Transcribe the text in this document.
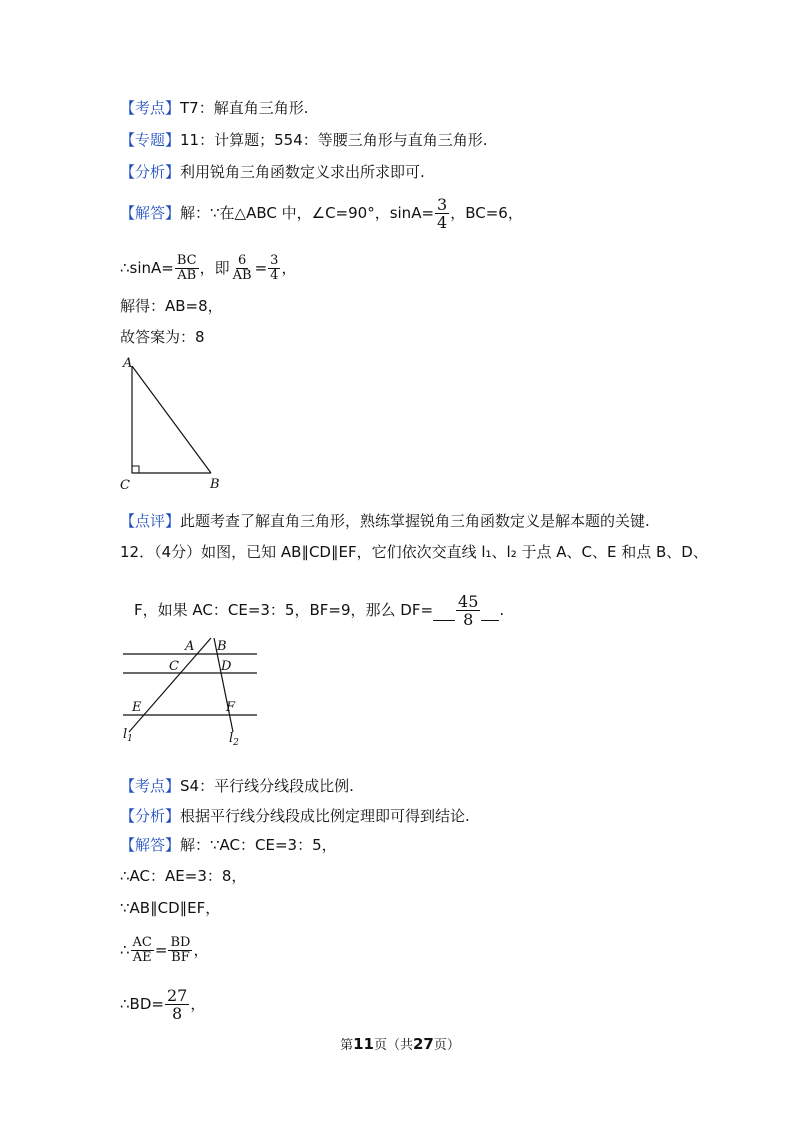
【考点】T7：解直角三角形.
【专题】11：计算题；554：等腰三角形与直角三角形.
【分析】利用锐角三角函数定义求出所求即可.
【解答】解：∵在△ABC 中，∠C=90°，$\sin A= \frac{3}{4}$ ，BC=6，
∴sinA= $\frac{BC}{AB}$ ，即 $\frac{6}{AB} = \frac{3}{4}$ ，
解得：AB=8，
故答案为：8
A
C	B
【点评】此题考查了解直角三角形，熟练掌握锐角三角函数定义是解本题的关键.
12．（4分）如图，已知 AB∥CD∥EF，它们依次交直线 l₁、l₂ 于点 A、C、E 和点 B、D、
F，如果 AC：CE=3：5，BF=9，那么 $DF= \frac{45}{8}$ .
A B
C	D
E	F
$l_1$	$l_2$
【考点】S4：平行线分线段成比例.
【分析】根据平行线分线段成比例定理即可得到结论.
【解答】解：∵AC：CE=3：5，
∴AC：AE=3：8，
∵AB∥CD∥EF，
∴ $\frac{AC}{AE} = \frac{BD}{BF}$ ，
∴BD= $\frac{27}{8}$ ，
第11页（共27页）
